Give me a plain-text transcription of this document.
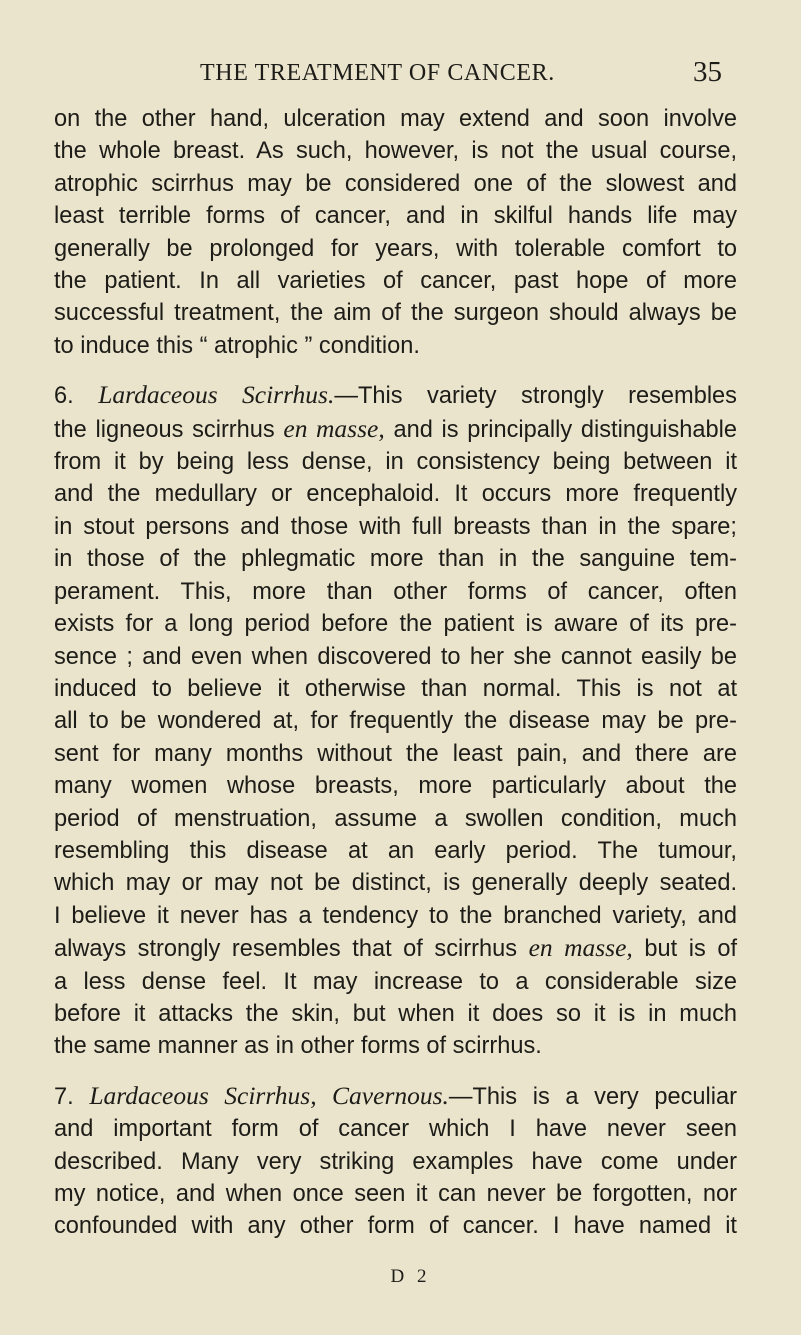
THE TREATMENT OF CANCER.	35
on the other hand, ulceration may extend and soon involve
the whole breast. As such, however, is not the usual course,
atrophic scirrhus may be considered one of the slowest and
least terrible forms of cancer, and in skilful hands life may
generally be prolonged for years, with tolerable comfort to
the patient. In all varieties of cancer, past hope of more
successful treatment, the aim of the surgeon should always be
to induce this “ atrophic ” condition.
6. Lardaceous Scirrhus.—This variety strongly resembles
the ligneous scirrhus en masse, and is principally distinguishable
from it by being less dense, in consistency being between it
and the medullary or encephaloid. It occurs more frequently
in stout persons and those with full breasts than in the spare;
in those of the phlegmatic more than in the sanguine tem-
perament. This, more than other forms of cancer, often
exists for a long period before the patient is aware of its pre-
sence ; and even when discovered to her she cannot easily be
induced to believe it otherwise than normal. This is not at
all to be wondered at, for frequently the disease may be pre-
sent for many months without the least pain, and there are
many women whose breasts, more particularly about the
period of menstruation, assume a swollen condition, much
resembling this disease at an early period. The tumour,
which may or may not be distinct, is generally deeply seated.
I believe it never has a tendency to the branched variety, and
always strongly resembles that of scirrhus en masse, but is of
a less dense feel. It may increase to a considerable size
before it attacks the skin, but when it does so it is in much
the same manner as in other forms of scirrhus.
7. Lardaceous Scirrhus, Cavernous.—This is a very peculiar
and important form of cancer which I have never seen
described. Many very striking examples have come under
my notice, and when once seen it can never be forgotten, nor
confounded with any other form of cancer. I have named it
D 2
